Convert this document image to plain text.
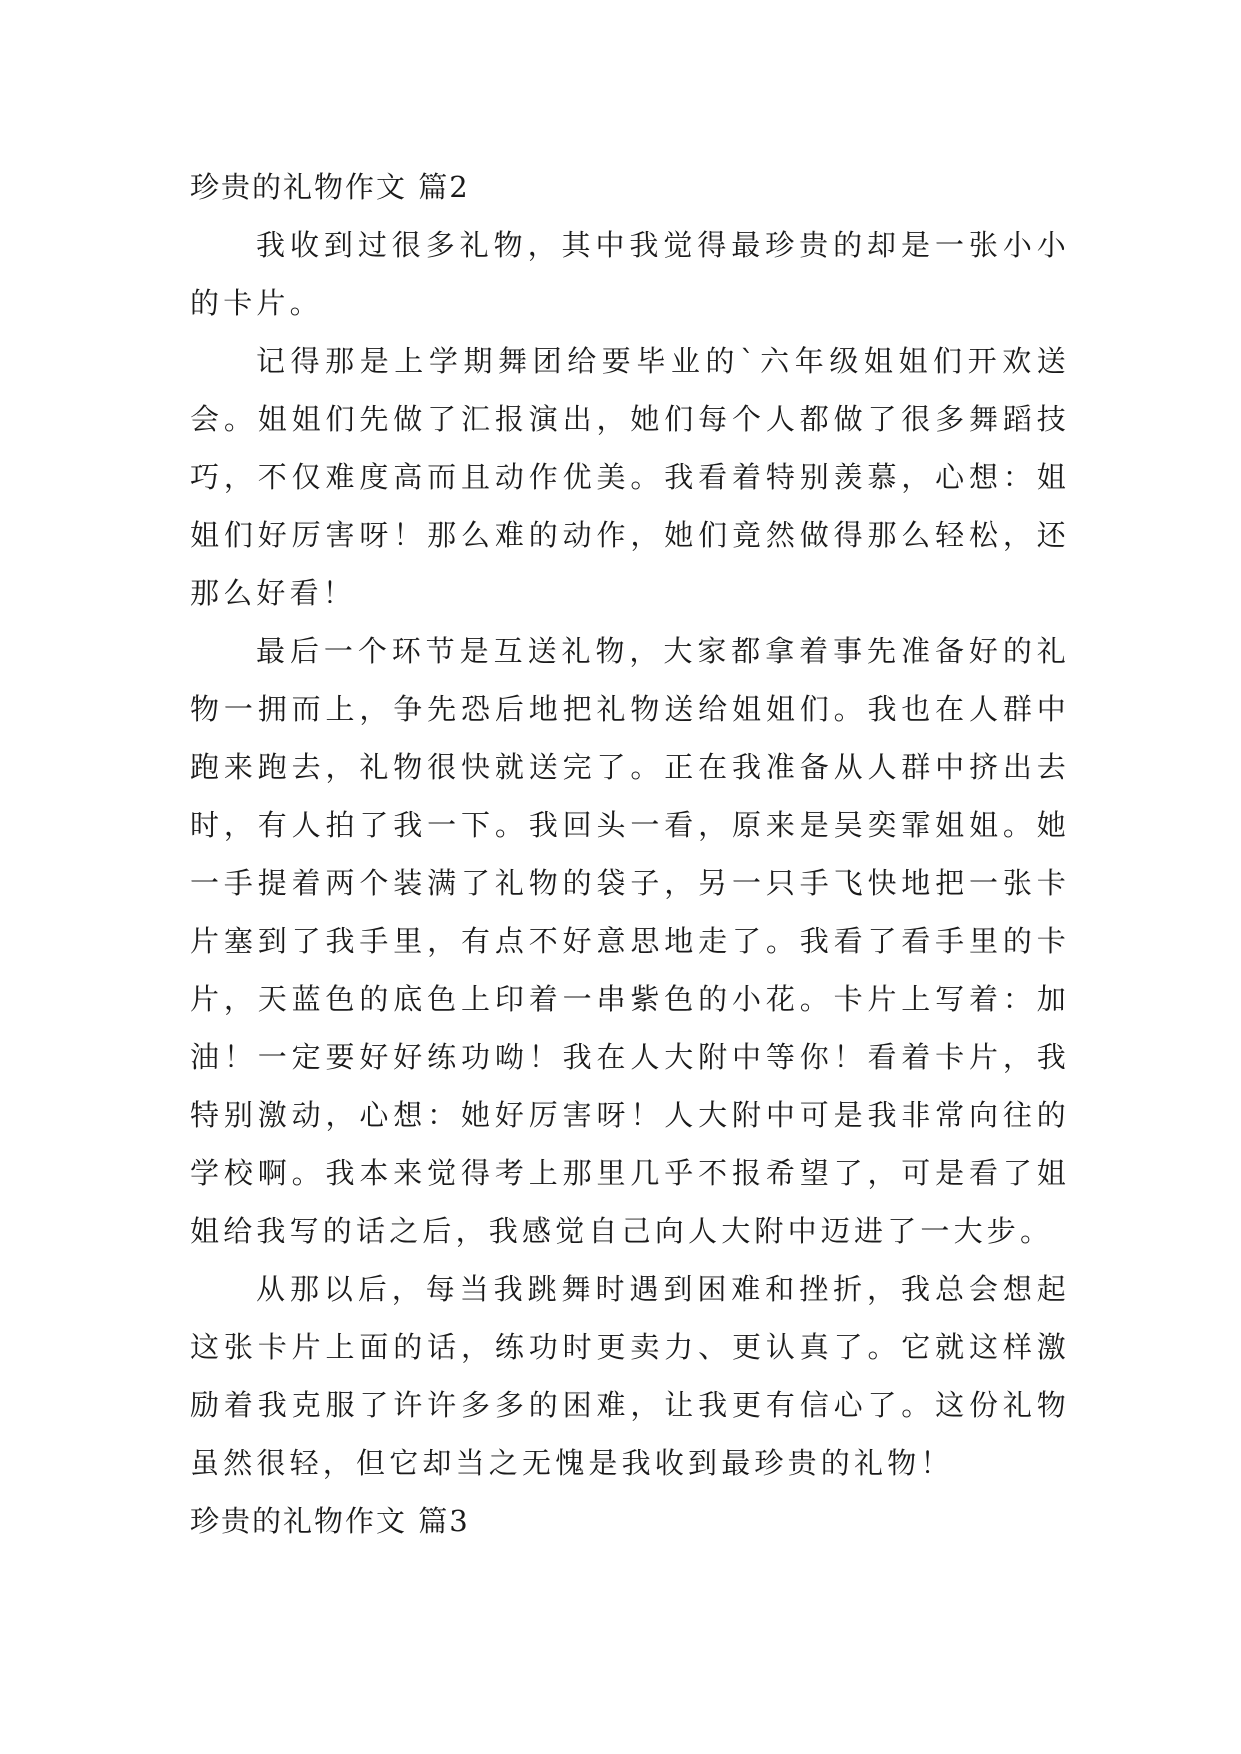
珍贵的礼物作文 篇2

我收到过很多礼物，其中我觉得最珍贵的却是一张小小的卡片。

记得那是上学期舞团给要毕业的`六年级姐姐们开欢送会。姐姐们先做了汇报演出，她们每个人都做了很多舞蹈技巧，不仅难度高而且动作优美。我看着特别羡慕，心想：姐姐们好厉害呀！那么难的动作，她们竟然做得那么轻松，还那么好看！

最后一个环节是互送礼物，大家都拿着事先准备好的礼物一拥而上，争先恐后地把礼物送给姐姐们。我也在人群中跑来跑去，礼物很快就送完了。正在我准备从人群中挤出去时，有人拍了我一下。我回头一看，原来是吴奕霏姐姐。她一手提着两个装满了礼物的袋子，另一只手飞快地把一张卡片塞到了我手里，有点不好意思地走了。我看了看手里的卡片，天蓝色的底色上印着一串紫色的小花。卡片上写着：加油！一定要好好练功呦！我在人大附中等你！看着卡片，我特别激动，心想：她好厉害呀！人大附中可是我非常向往的学校啊。我本来觉得考上那里几乎不报希望了，可是看了姐姐给我写的话之后，我感觉自己向人大附中迈进了一大步。

从那以后，每当我跳舞时遇到困难和挫折，我总会想起这张卡片上面的话，练功时更卖力、更认真了。它就这样激励着我克服了许许多多的困难，让我更有信心了。这份礼物虽然很轻，但它却当之无愧是我收到最珍贵的礼物！

珍贵的礼物作文 篇3
